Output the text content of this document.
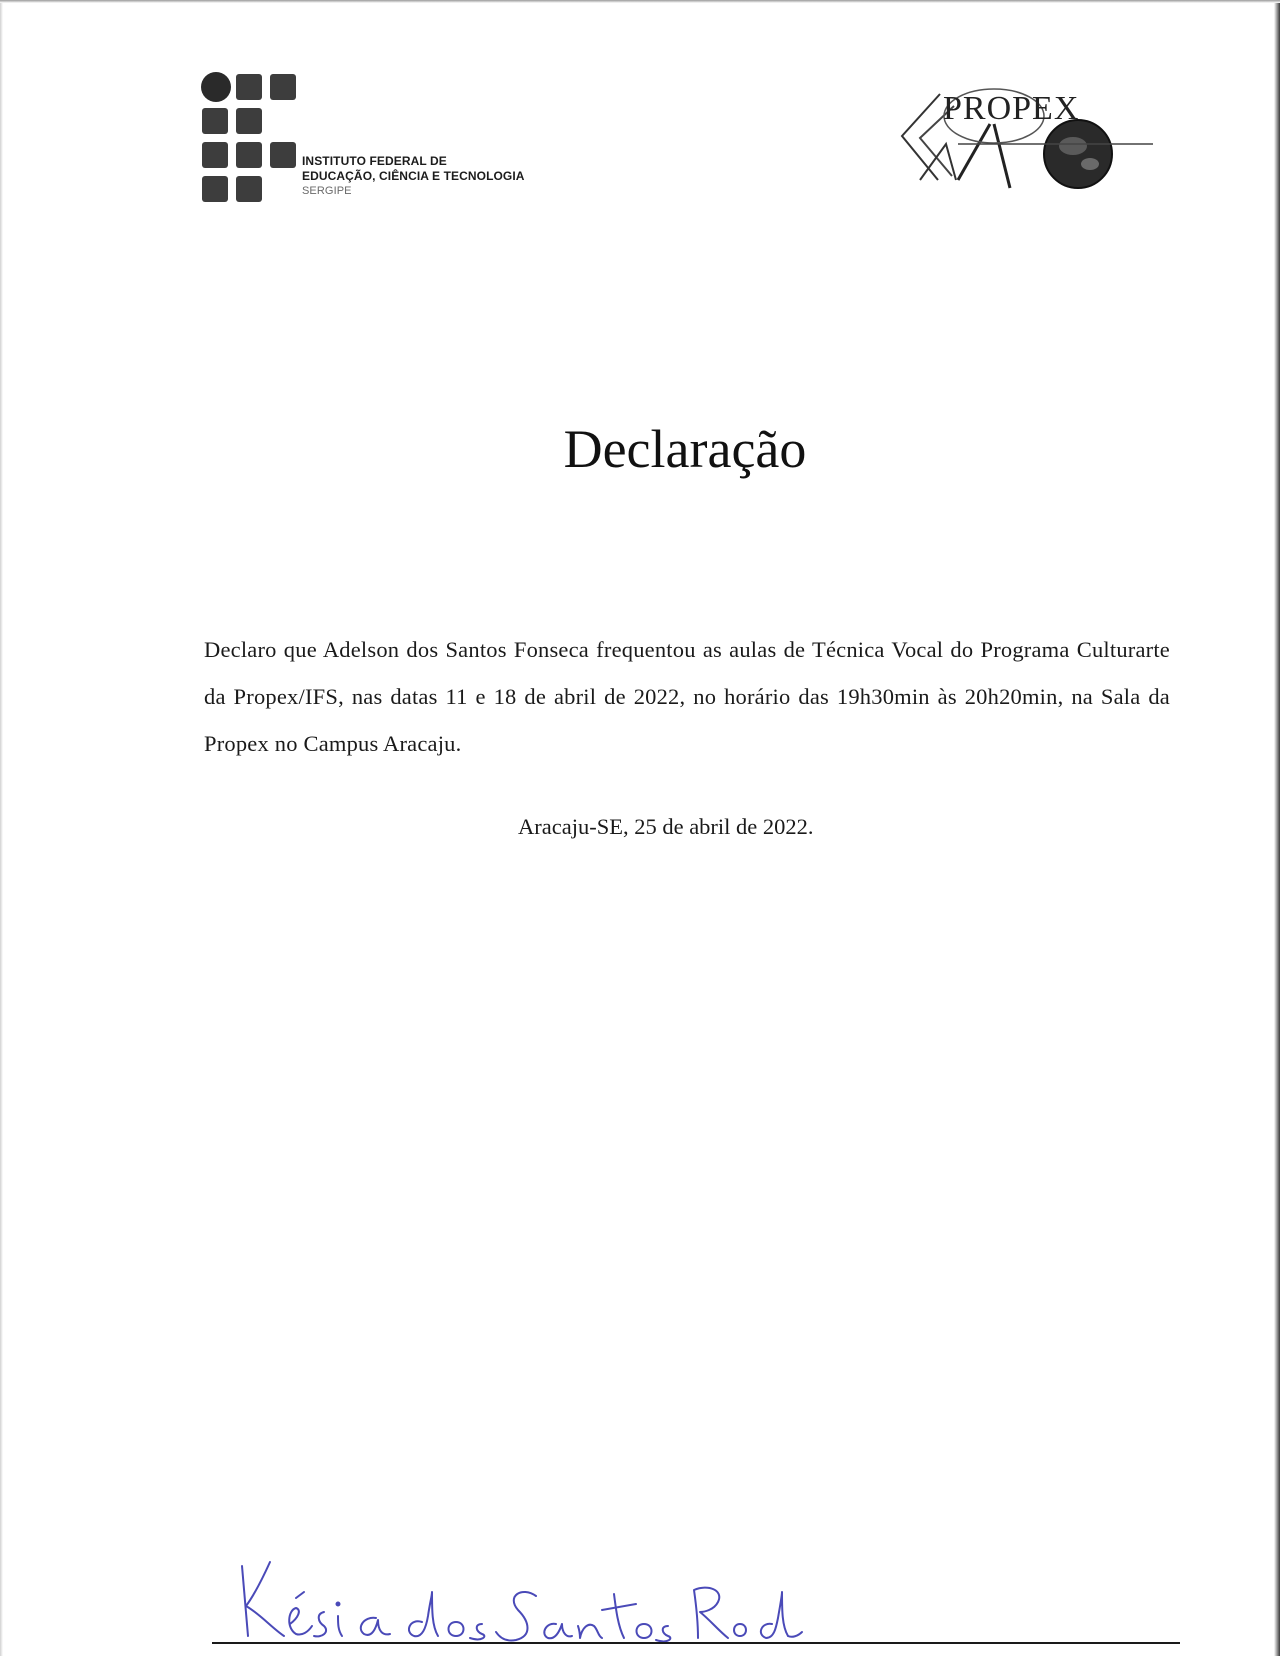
INSTITUTO FEDERAL DE
EDUCAÇÃO, CIÊNCIA E TECNOLOGIA
SERGIPE
PROPEX
Declaração
Declaro que Adelson dos Santos Fonseca frequentou as aulas de Técnica Vocal do Programa Culturarte da Propex/IFS, nas datas 11 e 18 de abril de 2022, no horário das 19h30min às 20h20min, na Sala da Propex no Campus Aracaju.
Aracaju-SE, 25 de abril de 2022.
